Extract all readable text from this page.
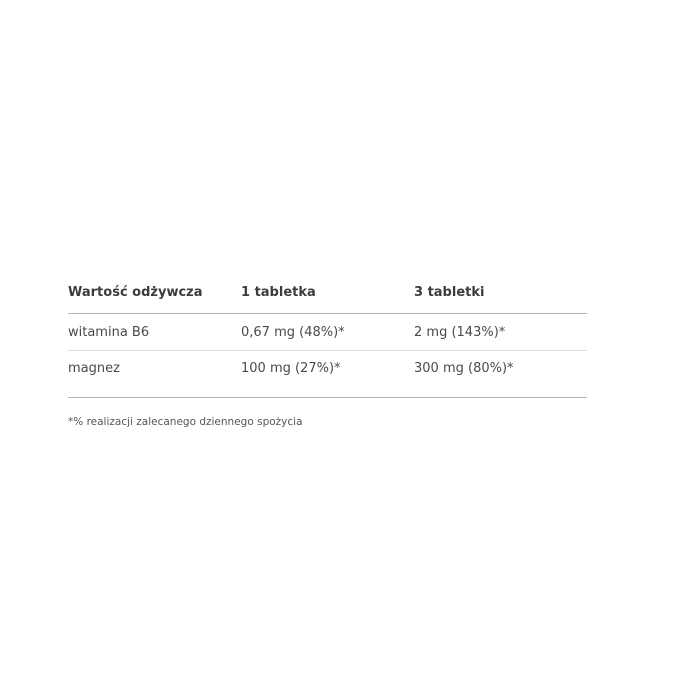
Wartość odżywcza	1 tabletka	3 tabletki
witamina B6	0,67 mg (48%)*	2 mg (143%)*
magnez	100 mg (27%)*	300 mg (80%)*
*% realizacji zalecanego dziennego spożycia
